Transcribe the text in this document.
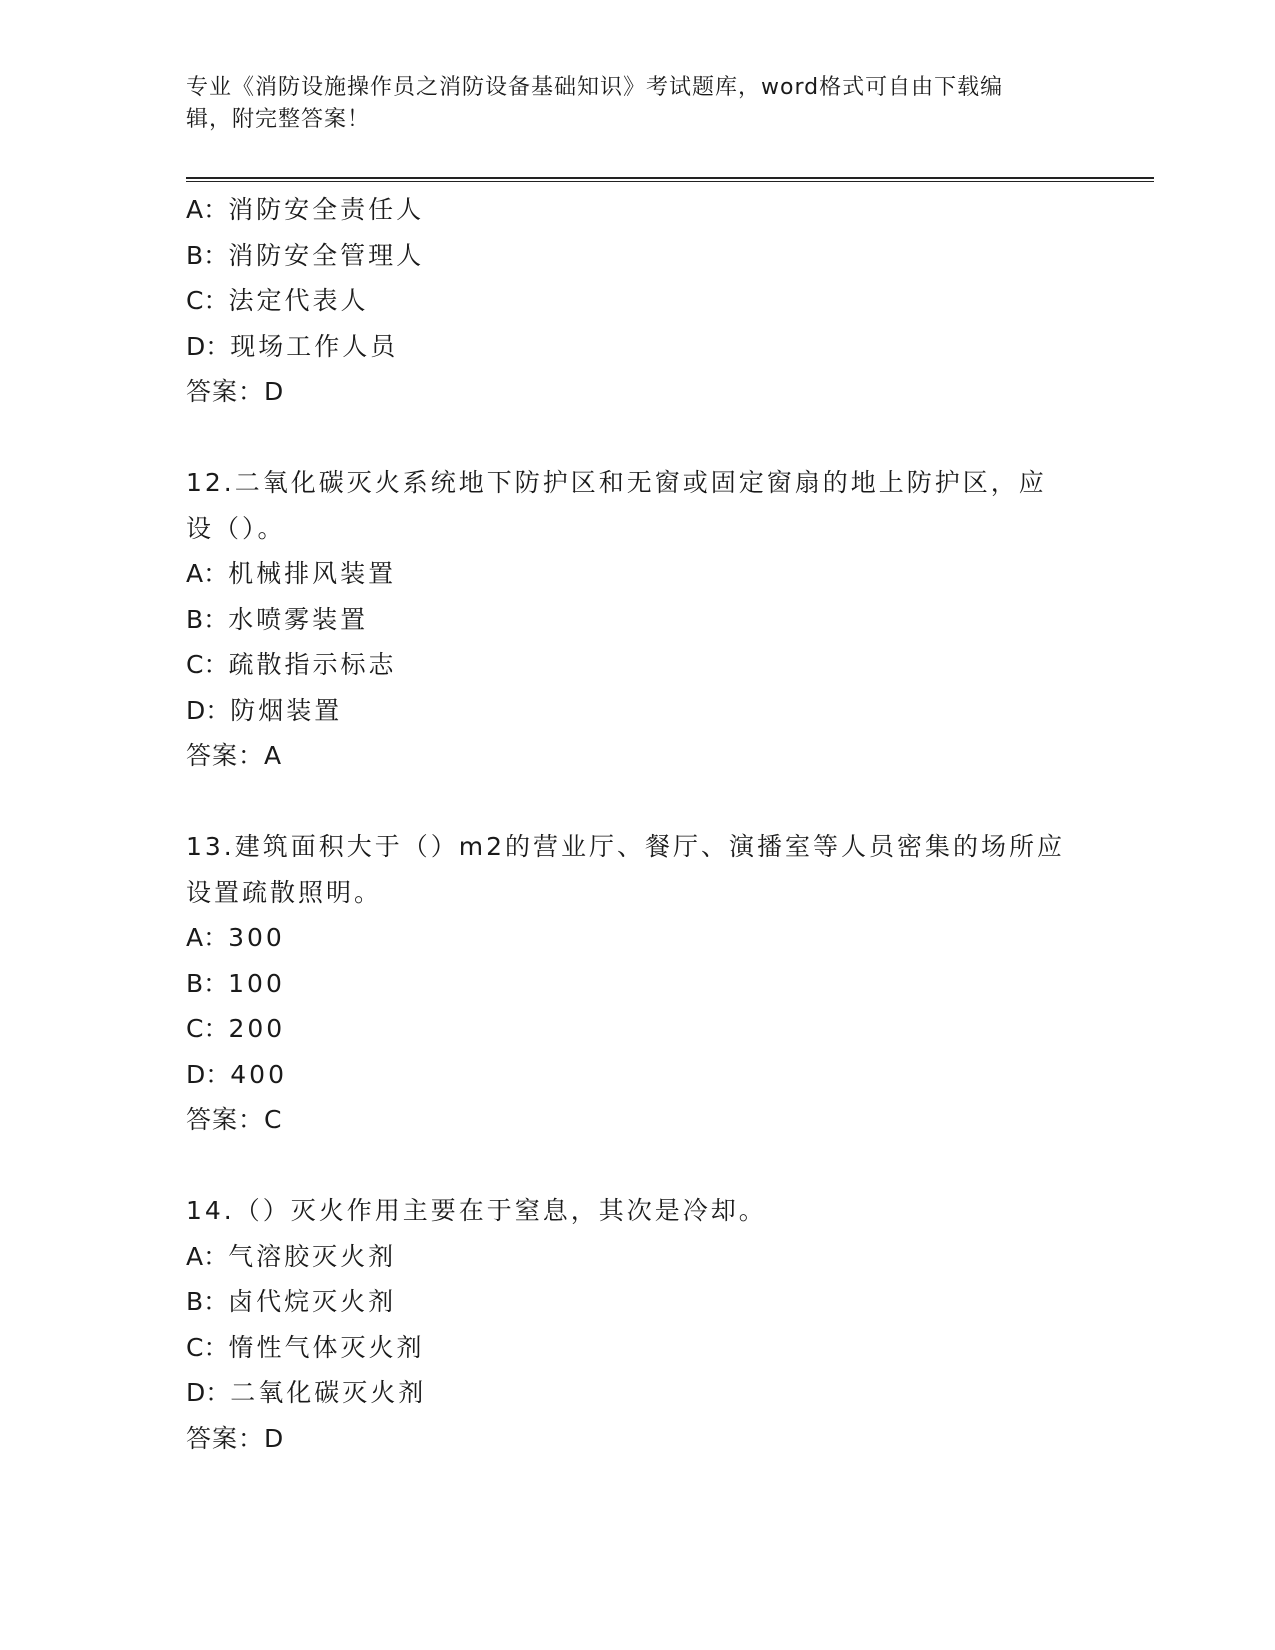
专业《消防设施操作员之消防设备基础知识》考试题库，word格式可自由下载编
辑，附完整答案！
A：消防安全责任人
B：消防安全管理人
C：法定代表人
D：现场工作人员
答案：D
12.二氧化碳灭火系统地下防护区和无窗或固定窗扇的地上防护区，应
设（）。
A：机械排风装置
B：水喷雾装置
C：疏散指示标志
D：防烟装置
答案：A
13.建筑面积大于（）m2的营业厅、餐厅、演播室等人员密集的场所应
设置疏散照明。
A：300
B：100
C：200
D：400
答案：C
14.（）灭火作用主要在于窒息，其次是冷却。
A：气溶胶灭火剂
B：卤代烷灭火剂
C：惰性气体灭火剂
D：二氧化碳灭火剂
答案：D
